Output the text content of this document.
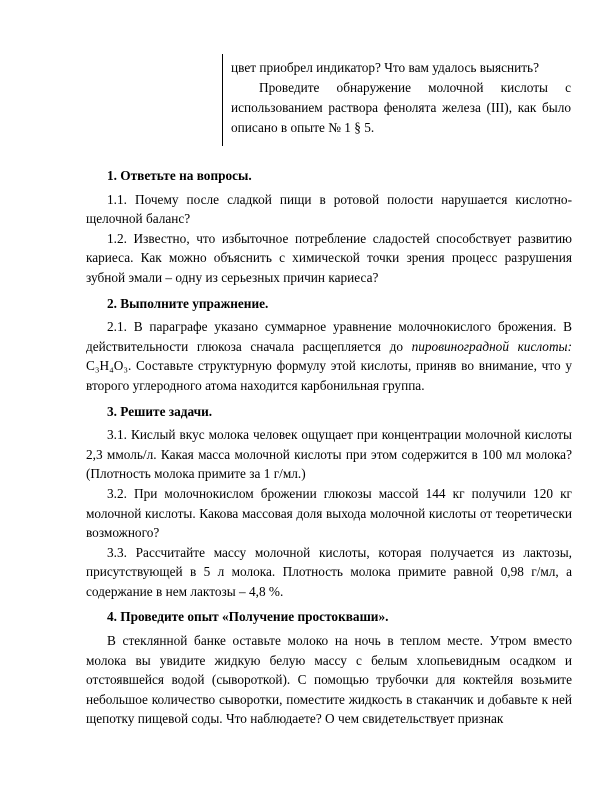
цвет приобрел индикатор? Что вам удалось выяснить?

Проведите обнаружение молочной кислоты с использованием раствора фенолята железа (III), как было описано в опыте № 1 § 5.

1. Ответьте на вопросы.

1.1. Почему после сладкой пищи в ротовой полости нарушается кислотно-щелочной баланс?

1.2. Известно, что избыточное потребление сладостей способствует развитию кариеса. Как можно объяснить с химической точки зрения процесс разрушения зубной эмали – одну из серьезных причин кариеса?

2. Выполните упражнение.

2.1. В параграфе указано суммарное уравнение молочнокислого брожения. В действительности глюкоза сначала расщепляется до пировиноградной кислоты: C₃H₄O₃. Составьте структурную формулу этой кислоты, приняв во внимание, что у второго углеродного атома находится карбонильная группа.

3. Решите задачи.

3.1. Кислый вкус молока человек ощущает при концентрации молочной кислоты 2,3 ммоль/л. Какая масса молочной кислоты при этом содержится в 100 мл молока? (Плотность молока примите за 1 г/мл.)

3.2. При молочнокислом брожении глюкозы массой 144 кг получили 120 кг молочной кислоты. Какова массовая доля выхода молочной кислоты от теоретически возможного?

3.3. Рассчитайте массу молочной кислоты, которая получается из лактозы, присутствующей в 5 л молока. Плотность молока примите равной 0,98 г/мл, а содержание в нем лактозы – 4,8 %.

4. Проведите опыт «Получение простокваши».

В стеклянной банке оставьте молоко на ночь в теплом месте. Утром вместо молока вы увидите жидкую белую массу с белым хлопьевидным осадком и отстоявшейся водой (сывороткой). С помощью трубочки для коктейля возьмите небольшое количество сыворотки, поместите жидкость в стаканчик и добавьте к ней щепотку пищевой соды. Что наблюдаете? О чем свидетельствует признак
